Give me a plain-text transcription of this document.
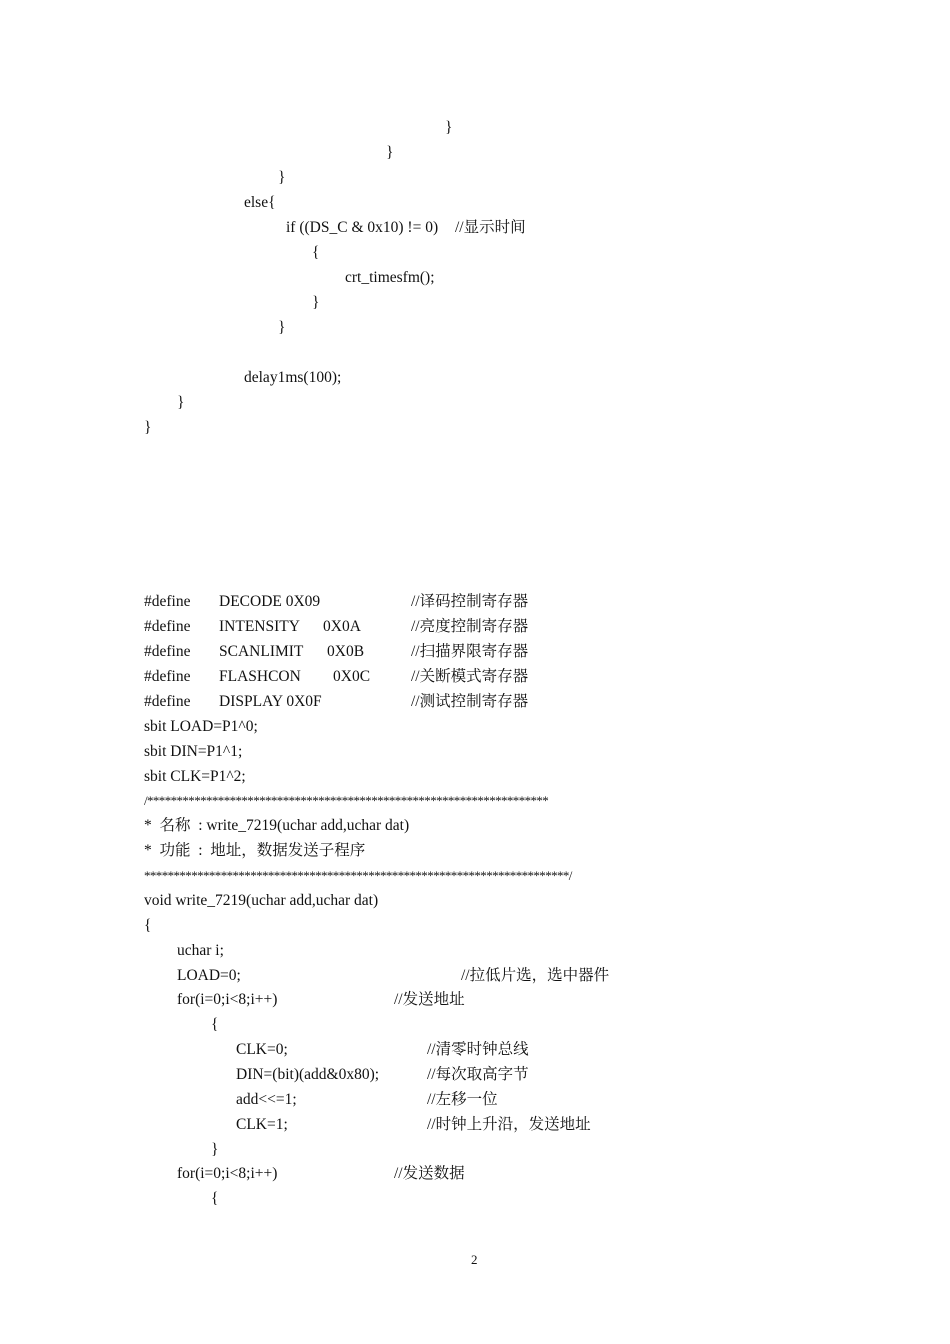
}
}
}
else{
if ((DS_C & 0x10) != 0) //显示时间
{
crt_timesfm();
}
}
delay1ms(100);
}
}
#define DECODE 0X09	//译码控制寄存器
#define INTENSITY 0X0A	//亮度控制寄存器
#define SCANLIMIT 0X0B	//扫描界限寄存器
#define FLASHCON 0X0C	//关断模式寄存器
#define DISPLAY 0X0F	//测试控制寄存器
sbit LOAD=P1^0;
sbit DIN=P1^1;
sbit CLK=P1^2;
/********************************************************************
*  名称  : write_7219(uchar add,uchar dat)
*  功能  :  地址，数据发送子程序
************************************************************************/
void write_7219(uchar add,uchar dat)
{
uchar i;
LOAD=0;	//拉低片选，选中器件
for(i=0;i<8;i++)	//发送地址
{
CLK=0;	//清零时钟总线
DIN=(bit)(add&0x80);	//每次取高字节
add<<=1;	//左移一位
CLK=1;	//时钟上升沿，发送地址
}
for(i=0;i<8;i++)	//发送数据
{
2
